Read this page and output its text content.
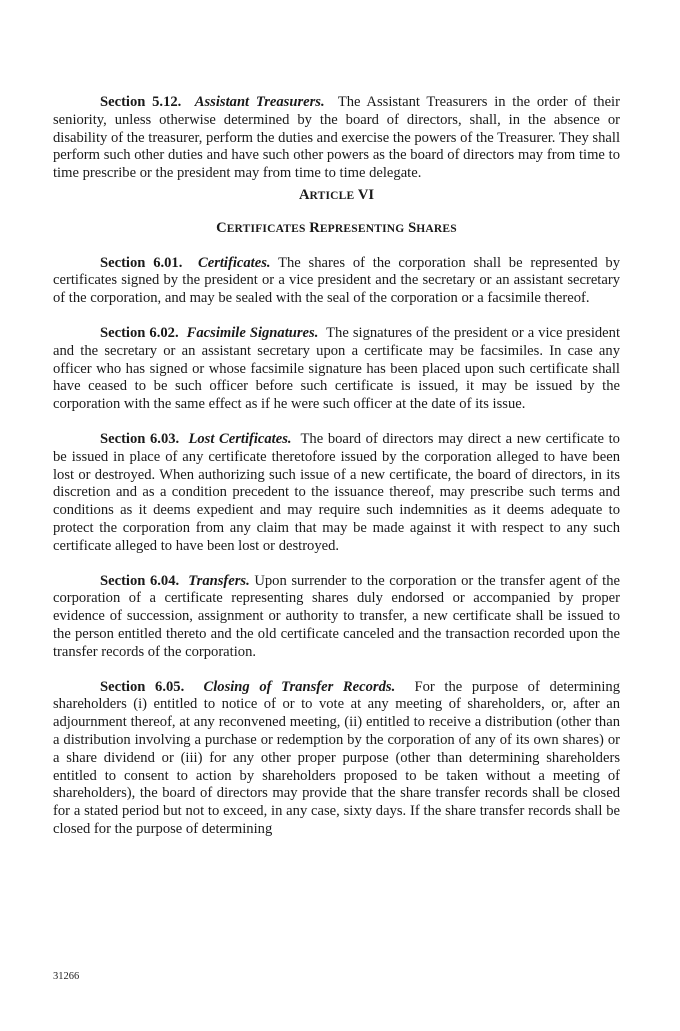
Section 5.12. Assistant Treasurers. The Assistant Treasurers in the order of their seniority, unless otherwise determined by the board of directors, shall, in the absence or disability of the treasurer, perform the duties and exercise the powers of the Treasurer. They shall perform such other duties and have such other powers as the board of directors may from time to time prescribe or the president may from time to time delegate.

ARTICLE VI

CERTIFICATES REPRESENTING SHARES

Section 6.01. Certificates. The shares of the corporation shall be represented by certificates signed by the president or a vice president and the secretary or an assistant secretary of the corporation, and may be sealed with the seal of the corporation or a facsimile thereof.

Section 6.02. Facsimile Signatures. The signatures of the president or a vice president and the secretary or an assistant secretary upon a certificate may be facsimiles. In case any officer who has signed or whose facsimile signature has been placed upon such certificate shall have ceased to be such officer before such certificate is issued, it may be issued by the corporation with the same effect as if he were such officer at the date of its issue.

Section 6.03. Lost Certificates. The board of directors may direct a new certificate to be issued in place of any certificate theretofore issued by the corporation alleged to have been lost or destroyed. When authorizing such issue of a new certificate, the board of directors, in its discretion and as a condition precedent to the issuance thereof, may prescribe such terms and conditions as it deems expedient and may require such indemnities as it deems adequate to protect the corporation from any claim that may be made against it with respect to any such certificate alleged to have been lost or destroyed.

Section 6.04. Transfers. Upon surrender to the corporation or the transfer agent of the corporation of a certificate representing shares duly endorsed or accompanied by proper evidence of succession, assignment or authority to transfer, a new certificate shall be issued to the person entitled thereto and the old certificate canceled and the transaction recorded upon the transfer records of the corporation.

Section 6.05. Closing of Transfer Records. For the purpose of determining shareholders (i) entitled to notice of or to vote at any meeting of shareholders, or, after an adjournment thereof, at any reconvened meeting, (ii) entitled to receive a distribution (other than a distribution involving a purchase or redemption by the corporation of any of its own shares) or a share dividend or (iii) for any other proper purpose (other than determining shareholders entitled to consent to action by shareholders proposed to be taken without a meeting of shareholders), the board of directors may provide that the share transfer records shall be closed for a stated period but not to exceed, in any case, sixty days. If the share transfer records shall be closed for the purpose of determining

31266
